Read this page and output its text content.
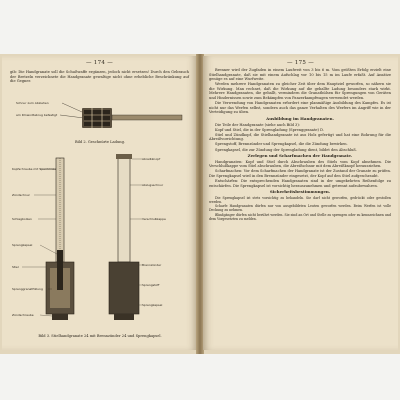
— 174 —

gib: Die Handgranate soll die Schußwaffe ergänzen, jedoch nicht ersetzen! Durch den Gebrauch der Bretzeln verzeichnete die Handgranate gewaltige nicht ohne erhebliche Beschränkung auf die Gegner.

Schnur zum Abziehen
am Rmwodtabrug befestigt
Bild 2. Geschnürte Ladung.
Kopfschraube mit Sperrklinke
Zündschnur
Schlagbolzen
Sprengkapsel
Stiel
Sprenggranatfüllung
Zündschraube
Abreißknopf
Abzugsschnur
Verschlußkappe
Brennzünder
Sprengstoff
Sprengkapsel
Bild 3. Stielhandgranate 24 mit Brennzünder 24 und Sprengkapsel.
— 175 —

Brenner wird der Zugfaden in einem Laufweit von 3 bis 6 m. Vom größten Erfolg erzielt eine Stielhandgranate, daß sie mit einem Aufschlag vor 10 bis 15 m im Laufe erfaßt. Auf Ansätze genüge es auf eine Wurfweite.

Werden mehrere Handgranaten zu gleicher Zeit über dem Hauptziel geworfen, so nähern sie die Wirkung. Man rechnet, daß die Wirkung auf die geballte Ladung besonders stark wirkt. Mehrere Handgranaten, die geballt, vermindern die Granathülsen für Sprengungen von Geräten und Hindernissen sowie zum Bekämpfen von Panzerkampfwagen verwendet werden.

Die Verwendung von Handgranaten erfordert eine planmäßige Ausbildung des Kampfes. Es ist nicht nur das Werfen selbst, sondern auch das ganze Verhalten des Werfers im Angriff wie in der Verteidigung zu üben.

Ausbildung im Handgranaten.

Die Teile der Handgranate (siehe auch Bild 3):

Kopf und Stiel, die in der Sprengladung (Sprenggranate) D.

Stiel und Zündkopf, die Stielhandgranate ist aus Holz gefertigt und hat eine Bohrung für die Abreißvorrichtung.

Sprengstoff, Brennzünder und Sprengkapsel, die die Zündung bewirken.

Sprengkapsel, die zur Zündung der Sprengladung dient, bildet den Abschluß.

Zerlegen und Scharfmachen der Handgranate.

Handgranaten: Kopf und Stiel durch Abschrauben des Stiels vom Kopf abnehmen. Die Verschlußkappe vom Stiel abschrauben, die Abreißschnur mit dem Abreißknopf herausziehen.

Scharfmachen: Vor dem Scharfmachen der Handgranate ist der Zustand der Granate zu prüfen. Die Sprengkapsel wird in den Brennzünder eingesetzt, der Kopf auf den Stiel aufgeschraubt.

Entschärfen: Die entsprechenden Handgranaten sind in der umgekehrten Reihenfolge zu entschärfen. Die Sprengkapsel ist vorsichtig herauszunehmen und getrennt aufzubewahren.

Sicherheitsbestimmungen.

Die Sprengkapsel ist stets vorsichtig zu behandeln. Sie darf nicht geworfen, gedrückt oder gestoßen werden.

Scharfe Handgranaten dürfen nur von ausgebildeten Leuten geworfen werden. Beim Werfen ist volle Deckung zu nehmen.

Blindgänger dürfen nicht berührt werden. Sie sind an Ort und Stelle zu sprengen oder zu kennzeichnen und dem Vorgesetzten zu melden.
